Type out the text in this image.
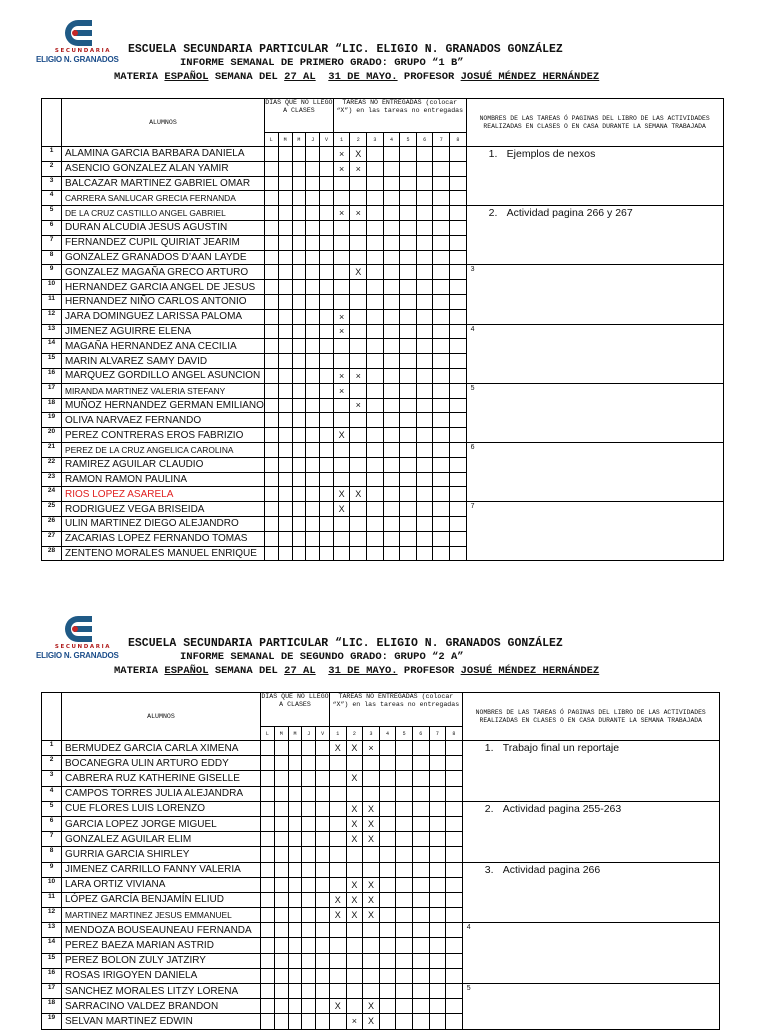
SECUNDARIA
ELIGIO N. GRANADOS
ESCUELA SECUNDARIA PARTICULAR “LIC. ELIGIO N. GRANADOS GONZÁLEZ
INFORME SEMANAL DE PRIMERO GRADO: GRUPO “1 B”
MATERIA ESPAÑOL SEMANA DEL 27 AL 31 DE MAYO. PROFESOR JOSUÉ MÉNDEZ HERNÁNDEZ
	ALUMNOS	DIAS QUE NO LLEGO A CLASES					TAREAS NO ENTREGADAS (colocar “X”) en las tareas no entregadas								NOMBRES DE LAS TAREAS Ó PAGINAS DEL LIBRO DE LAS ACTIVIDADES REALIZADAS EN CLASES O EN CASA DURANTE LA SEMANA TRABAJADA
		L	M	M	J	V	1	2	3	4	5	6	7	8	
1	ALAMINA GARCIA BARBARA DANIELA						×	X							1. Ejemplos de nexos
2	ASENCIO GONZALEZ ALAN YAMIR						×	×							
3	BALCAZAR MARTINEZ GABRIEL OMAR														
4	CARRERA SANLUCAR GRECIA FERNANDA														
5	DE LA CRUZ CASTILLO ANGEL GABRIEL						×	×							2. Actividad pagina 266 y 267
6	DURAN ALCUDIA JESUS AGUSTIN														
7	FERNANDEZ CUPIL QUIRIAT JEARIM														
8	GONZALEZ GRANADOS D’AAN LAYDE														
9	GONZALEZ MAGAÑA GRECO ARTURO							X							3
10	HERNANDEZ GARCIA ANGEL DE JESUS														
11	HERNANDEZ NIÑO CARLOS ANTONIO														
12	JARA DOMINGUEZ LARISSA PALOMA						×								
13	JIMENEZ AGUIRRE ELENA						×								4
14	MAGAÑA HERNANDEZ ANA CECILIA														
15	MARIN ALVAREZ SAMY DAVID														
16	MARQUEZ GORDILLO ANGEL ASUNCION						×	×							
17	MIRANDA MARTINEZ VALERIA STEFANY						×								5
18	MUÑOZ HERNANDEZ GERMAN EMILIANO							×							
19	OLIVA NARVAEZ FERNANDO														
20	PEREZ CONTRERAS EROS FABRIZIO						X								
21	PEREZ DE LA CRUZ ANGELICA CAROLINA														6
22	RAMIREZ AGUILAR CLAUDIO														
23	RAMON RAMON PAULINA														
24	RIOS LOPEZ ASARELA						X	X							
25	RODRIGUEZ VEGA BRISEIDA						X								7
26	ULIN MARTINEZ DIEGO ALEJANDRO														
27	ZACARIAS LOPEZ FERNANDO TOMAS														
28	ZENTENO MORALES MANUEL ENRIQUE														
SECUNDARIA
ELIGIO N. GRANADOS
ESCUELA SECUNDARIA PARTICULAR “LIC. ELIGIO N. GRANADOS GONZÁLEZ
INFORME SEMANAL DE SEGUNDO GRADO: GRUPO “2 A”
MATERIA ESPAÑOL SEMANA DEL 27 AL 31 DE MAYO. PROFESOR JOSUÉ MÉNDEZ HERNÁNDEZ
	ALUMNOS	DIAS QUE NO LLEGO A CLASES					TAREAS NO ENTREGADAS (colocar “X”) en las tareas no entregadas								NOMBRES DE LAS TAREAS Ó PAGINAS DEL LIBRO DE LAS ACTIVIDADES REALIZADAS EN CLASES O EN CASA DURANTE LA SEMANA TRABAJADA
		L	M	M	J	V	1	2	3	4	5	6	7	8	
1	BERMUDEZ GARCIA CARLA XIMENA						X	X	×						1. Trabajo final un reportaje
2	BOCANEGRA ULIN ARTURO EDDY														
3	CABRERA RUZ KATHERINE GISELLE							X							
4	CAMPOS TORRES JULIA ALEJANDRA														
5	CUE FLORES LUIS LORENZO							X	X						2. Actividad pagina 255-263
6	GARCIA LOPEZ JORGE MIGUEL							X	X						
7	GONZALEZ AGUILAR ELIM							X	X						
8	GURRIA GARCIA SHIRLEY														
9	JIMENEZ CARRILLO FANNY VALERIA														3. Actividad pagina 266
10	LARA ORTIZ VIVIANA							X	X						
11	LÓPEZ GARCÍA BENJAMÍN ELIUD						X	X	X						
12	MARTINEZ MARTINEZ JESUS EMMANUEL						X	X	X						
13	MENDOZA BOUSEAUNEAU FERNANDA														4
14	PEREZ BAEZA MARIAN ASTRID														
15	PEREZ BOLON ZULY JATZIRY														
16	ROSAS IRIGOYEN DANIELA														
17	SANCHEZ MORALES LITZY LORENA														5
18	SARRACINO VALDEZ BRANDON						X		X						
19	SELVAN MARTINEZ EDWIN							×	X						
